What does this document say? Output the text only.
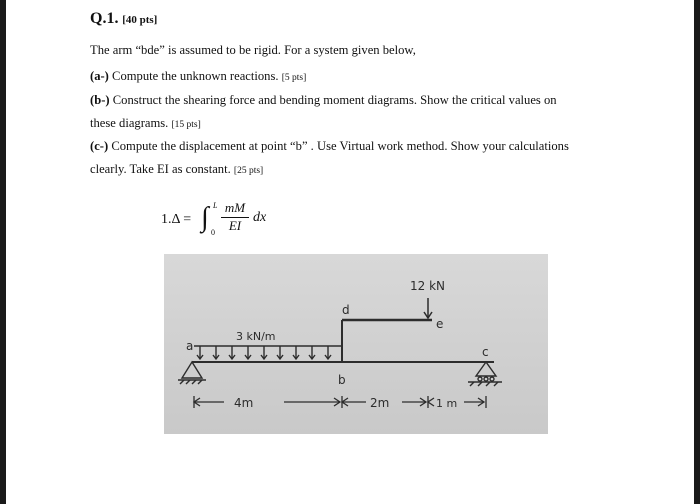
Q.1. [40 pts]
The arm “bde” is assumed to be rigid. For a system given below,
(a-) Compute the unknown reactions. [5 pts]
(b-) Construct the shearing force and bending moment diagrams. Show the critical values on
these diagrams. [15 pts]
(c-) Compute the displacement at point “b” . Use Virtual work method. Show your calculations
clearly. Take EI as constant. [25 pts]
1.Δ = ∫ L
$0 \frac{mM}{EI}$ dx
3 kN/m
12 kN
a
b
c
d
e
4m	2m	1 m
